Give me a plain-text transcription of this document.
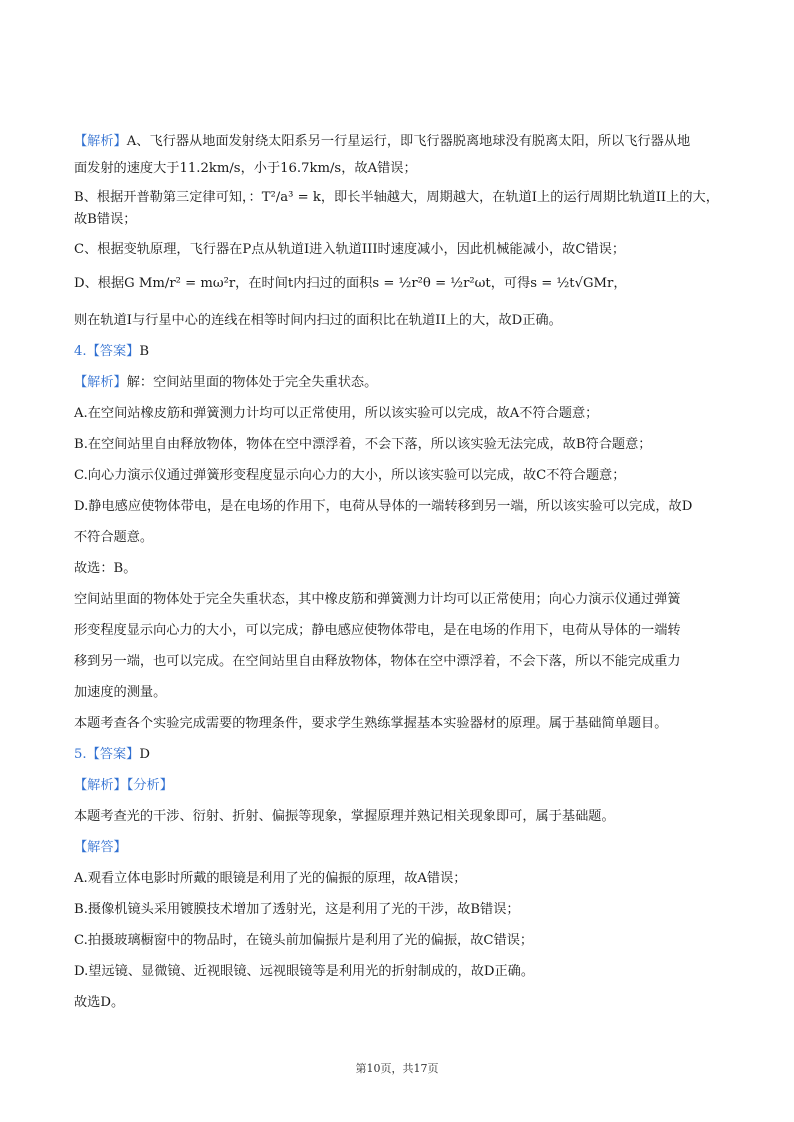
【解析】A、飞行器从地面发射绕太阳系另一行星运行，即飞行器脱离地球没有脱离太阳，所以飞行器从地
面发射的速度大于11.2km/s，小于16.7km/s，故A错误；
B、根据开普勒第三定律可知，：T²/a³ = k，即长半轴越大，周期越大，在轨道I上的运行周期比轨道II上的大，
故B错误；
C、根据变轨原理，飞行器在P点从轨道I进入轨道III时速度减小，因此机械能减小，故C错误；
D、根据G Mm/r² = mω²r，在时间t内扫过的面积s = ½r²θ = ½r²ωt，可得s = ½t√GMr，
则在轨道I与行星中心的连线在相等时间内扫过的面积比在轨道II上的大，故D正确。
4.【答案】B
【解析】解：空间站里面的物体处于完全失重状态。
A.在空间站橡皮筋和弹簧测力计均可以正常使用，所以该实验可以完成，故A不符合题意；
B.在空间站里自由释放物体，物体在空中漂浮着，不会下落，所以该实验无法完成，故B符合题意；
C.向心力演示仪通过弹簧形变程度显示向心力的大小，所以该实验可以完成，故C不符合题意；
D.静电感应使物体带电，是在电场的作用下，电荷从导体的一端转移到另一端，所以该实验可以完成，故D
不符合题意。
故选：B。
空间站里面的物体处于完全失重状态，其中橡皮筋和弹簧测力计均可以正常使用；向心力演示仪通过弹簧
形变程度显示向心力的大小，可以完成；静电感应使物体带电，是在电场的作用下，电荷从导体的一端转
移到另一端，也可以完成。在空间站里自由释放物体，物体在空中漂浮着，不会下落，所以不能完成重力
加速度的测量。
本题考查各个实验完成需要的物理条件，要求学生熟练掌握基本实验器材的原理。属于基础简单题目。
5.【答案】D
【解析】【分析】
本题考查光的干涉、衍射、折射、偏振等现象，掌握原理并熟记相关现象即可，属于基础题。
【解答】
A.观看立体电影时所戴的眼镜是利用了光的偏振的原理，故A错误；
B.摄像机镜头采用镀膜技术增加了透射光，这是利用了光的干涉，故B错误；
C.拍摄玻璃橱窗中的物品时，在镜头前加偏振片是利用了光的偏振，故C错误；
D.望远镜、显微镜、近视眼镜、远视眼镜等是利用光的折射制成的，故D正确。
故选D。
第10页，共17页
